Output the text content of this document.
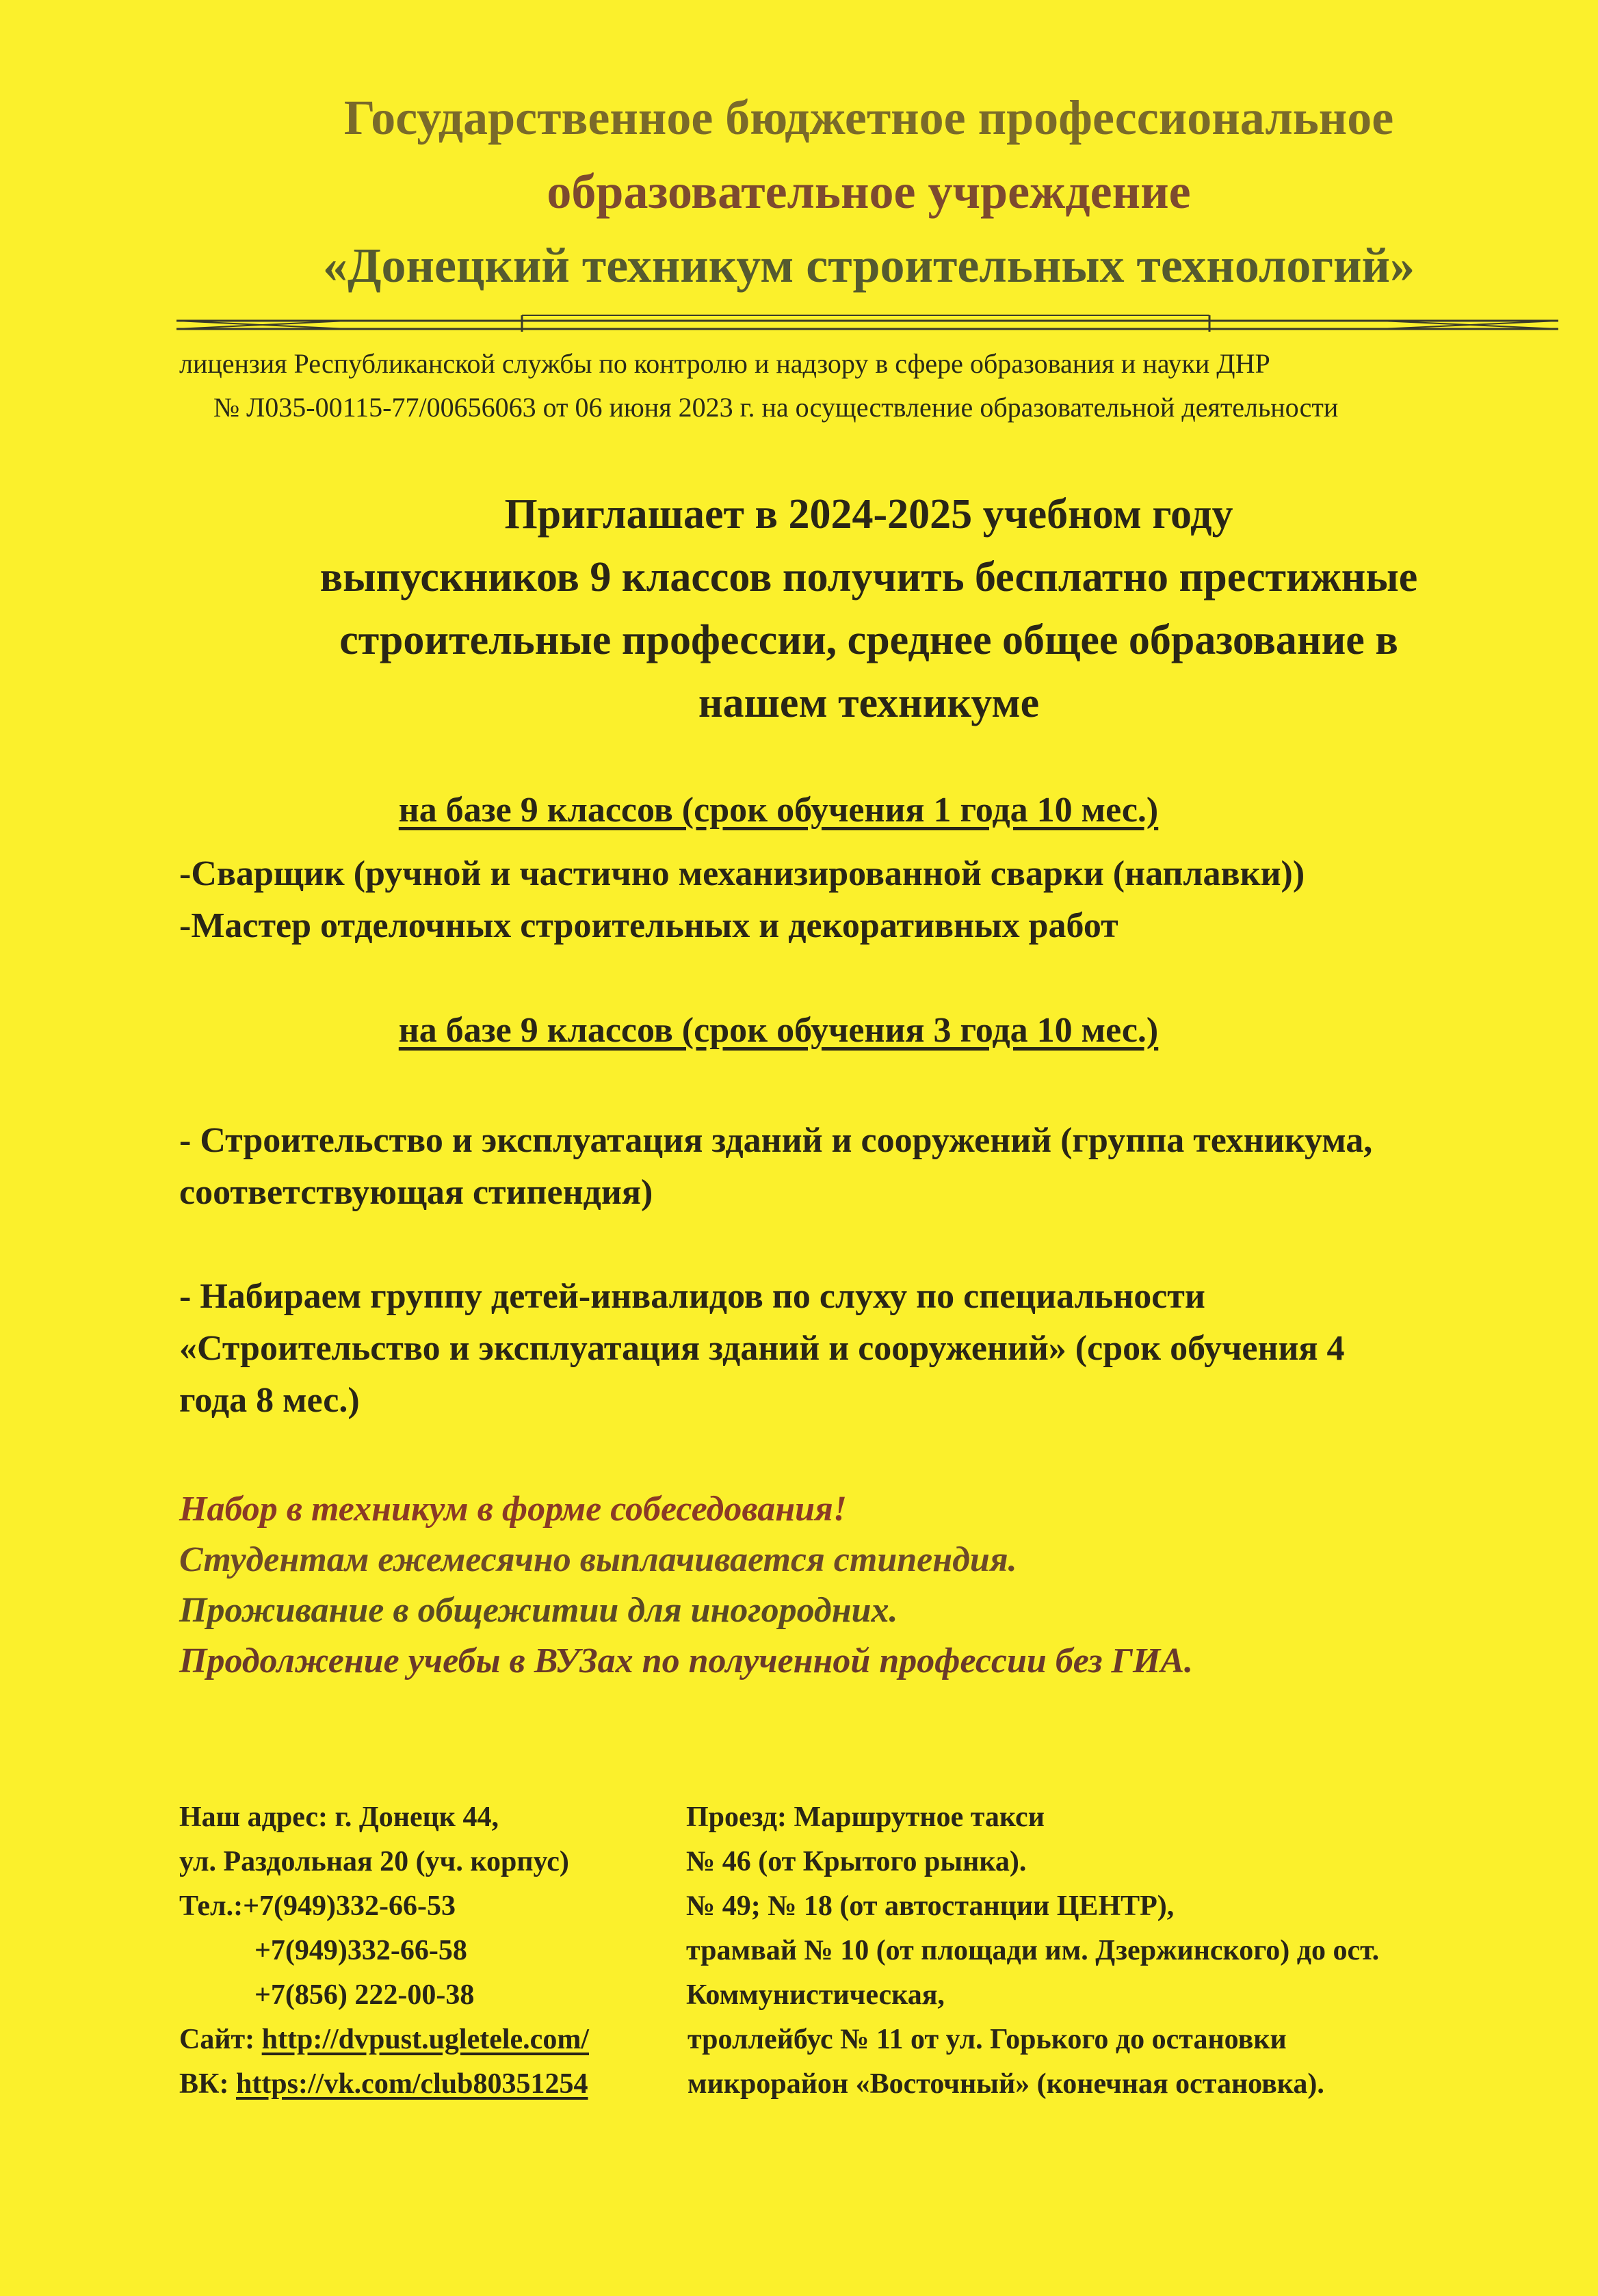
Государственное бюджетное профессиональное
образовательное учреждение
«Донецкий техникум строительных технологий»
лицензия Республиканской службы по контролю и надзору в сфере образования и науки ДНР
№ Л035-00115-77/00656063 от 06 июня 2023 г. на осуществление образовательной деятельности
Приглашает в 2024-2025 учебном году
выпускников 9 классов получить бесплатно престижные
строительные профессии, среднее общее образование в
нашем техникуме
на базе 9 классов (срок обучения 1 года 10 мес.)
-Сварщик (ручной и частично механизированной сварки (наплавки))
-Мастер отделочных строительных и декоративных работ
на базе 9 классов (срок обучения 3 года 10 мес.)
- Строительство и эксплуатация зданий и сооружений (группа техникума,
соответствующая стипендия)
- Набираем группу детей-инвалидов по слуху по специальности
«Строительство и эксплуатация зданий и сооружений» (срок обучения 4
года 8 мес.)
Набор в техникум в форме собеседования!
Студентам ежемесячно выплачивается стипендия.
Проживание в общежитии для иногородних.
Продолжение учебы в ВУЗах по полученной профессии без ГИА.
Наш адрес: г. Донецк 44,
ул. Раздольная 20 (уч. корпус)
Тел.:+7(949)332-66-53
+7(949)332-66-58
+7(856) 222-00-38
Сайт: http://dvpust.ugletele.com/
ВК: https://vk.com/club80351254
Проезд: Маршрутное такси
№ 46 (от Крытого рынка).
№ 49; № 18 (от автостанции ЦЕНТР),
трамвай № 10 (от площади им. Дзержинского) до ост.
Коммунистическая,
троллейбус № 11 от ул. Горького до остановки
микрорайон «Восточный» (конечная остановка).
